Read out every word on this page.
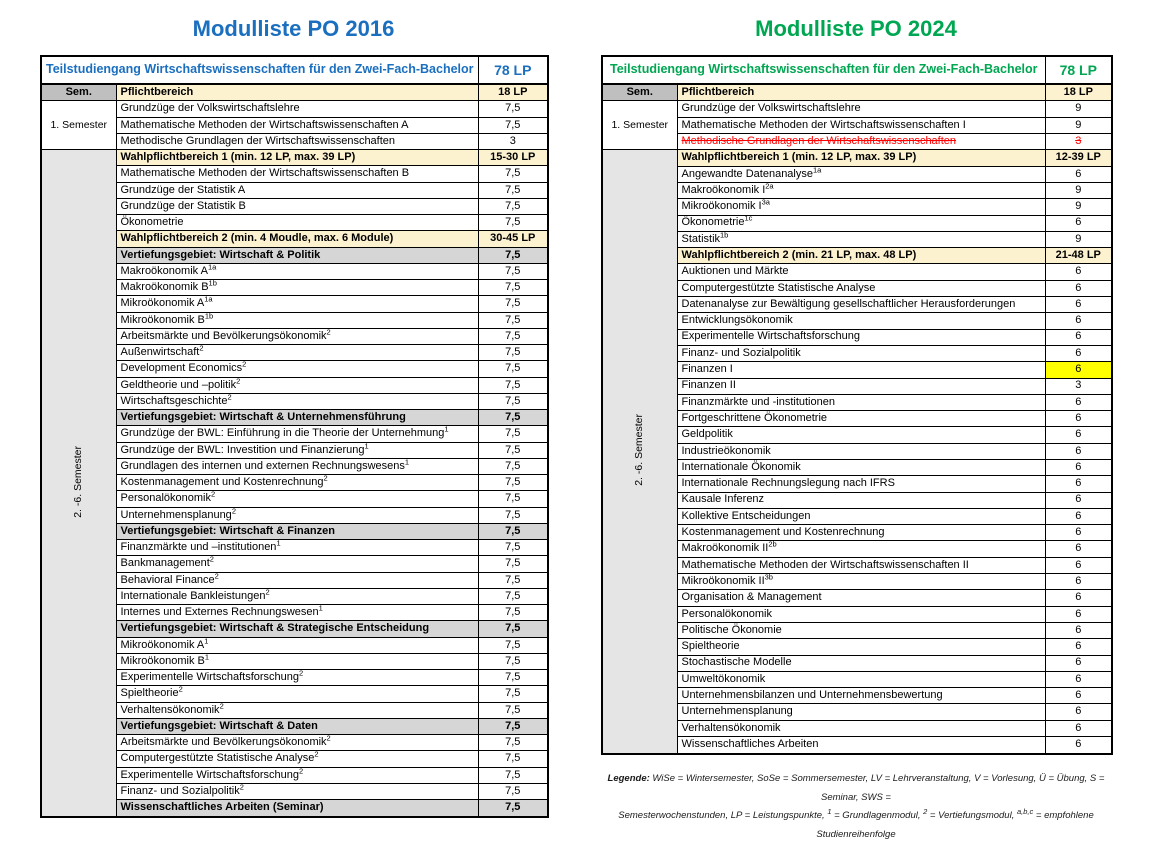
Modulliste PO 2016	Modulliste PO 2024
Teilstudiengang Wirtschaftswissenschaften für den Zwei-Fach-Bachelor		78 LP
Sem.	Pflichtbereich	18 LP
1. Semester	Grundzüge der Volkswirtschaftslehre	7,5
	Mathematische Methoden der Wirtschaftswissenschaften A	7,5
	Methodische Grundlagen der Wirtschaftswissenschaften	3
2. -6. Semester	Wahlpflichtbereich 1 (min. 12 LP, max. 39 LP)	15-30 LP
	Mathematische Methoden der Wirtschaftswissenschaften B	7,5
	Grundzüge der Statistik A	7,5
	Grundzüge der Statistik B	7,5
	Ökonometrie	7,5
	Wahlpflichtbereich 2 (min. 4 Moudle, max. 6 Module)	30-45 LP
	Vertiefungsgebiet: Wirtschaft & Politik	7,5
	Makroökonomik $A^{1a}$	7,5
	Makroökonomik $B^{1b}$	7,5
	Mikroökonomik $A^{1a}$	7,5
	Mikroökonomik $B^{1b}$	7,5
	Arbeitsmärkte und Bevölkerungsökonomik$^2$	7,5
	Außenwirtschaft$^2$	7,5
	Development Economics$^2$	7,5
	Geldtheorie und –politik$^2$	7,5
	Wirtschaftsgeschichte$^2$	7,5
	Vertiefungsgebiet: Wirtschaft & Unternehmensführung	7,5
	Grundzüge der BWL: Einführung in die Theorie der Unternehmung$^1$	7,5
	Grundzüge der BWL: Investition und Finanzierung$^1$	7,5
	Grundlagen des internen und externen Rechnungswesens$^1$	7,5
	Kostenmanagement und Kostenrechnung$^2$	7,5
	Personalökonomik$^2$	7,5
	Unternehmensplanung$^2$	7,5
	Vertiefungsgebiet: Wirtschaft & Finanzen	7,5
	Finanzmärkte und –institutionen$^1$	7,5
	Bankmanagement$^2$	7,5
	Behavioral Finance$^2$	7,5
	Internationale Bankleistungen$^2$	7,5
	Internes und Externes Rechnungswesen$^1$	7,5
	Vertiefungsgebiet: Wirtschaft & Strategische Entscheidung	7,5
	Mikroökonomik $A^1$	7,5
	Mikroökonomik $B^1$	7,5
	Experimentelle Wirtschaftsforschung$^2$	7,5
	Spieltheorie$^2$	7,5
	Verhaltensökonomik$^2$	7,5
	Vertiefungsgebiet: Wirtschaft & Daten	7,5
	Arbeitsmärkte und Bevölkerungsökonomik$^2$	7,5
	Computergestützte Statistische Analyse$^2$	7,5
	Experimentelle Wirtschaftsforschung$^2$	7,5
	Finanz- und Sozialpolitik$^2$	7,5
	Wissenschaftliches Arbeiten (Seminar)	7,5
Teilstudiengang Wirtschaftswissenschaften für den Zwei-Fach-Bachelor		78 LP
Sem.	Pflichtbereich	18 LP
1. Semester	Grundzüge der Volkswirtschaftslehre	9
	Mathematische Methoden der Wirtschaftswissenschaften I	9
	Methodische Grundlagen der Wirtschaftswissenschaften	3
2. -6. Semester	Wahlpflichtbereich 1 (min. 12 LP, max. 39 LP)	12-39 LP
	Angewandte Datenanalyse$^{1a}$	6
	Makroökonomik $I^{2a}$	9
	Mikroökonomik $I^{3a}$	9
	Ökonometrie$^{1c}$	6
	Statistik$^{1b}$	9
	Wahlpflichtbereich 2 (min. 21 LP, max. 48 LP)	21-48 LP
	Auktionen und Märkte	6
	Computergestützte Statistische Analyse	6
	Datenanalyse zur Bewältigung gesellschaftlicher Herausforderungen	6
	Entwicklungsökonomik	6
	Experimentelle Wirtschaftsforschung	6
	Finanz- und Sozialpolitik	6
	Finanzen I	6
	Finanzen II	3
	Finanzmärkte und -institutionen	6
	Fortgeschrittene Ökonometrie	6
	Geldpolitik	6
	Industrieökonomik	6
	Internationale Ökonomik	6
	Internationale Rechnungslegung nach IFRS	6
	Kausale Inferenz	6
	Kollektive Entscheidungen	6
	Kostenmanagement und Kostenrechnung	6
	Makroökonomik $II^{2b}$	6
	Mathematische Methoden der Wirtschaftswissenschaften II	6
	Mikroökonomik $II^{3b}$	6
	Organisation & Management	6
	Personalökonomik	6
	Politische Ökonomie	6
	Spieltheorie	6
	Stochastische Modelle	6
	Umweltökonomik	6
	Unternehmensbilanzen und Unternehmensbewertung	6
	Unternehmensplanung	6
	Verhaltensökonomik	6
	Wissenschaftliches Arbeiten	6
Legende: WiSe = Wintersemester, SoSe = Sommersemester, LV = Lehrveranstaltung, V = Vorlesung, Ü = Übung, S = Seminar, SWS =
Semesterwochenstunden, LP = Leistungspunkte, $^1$ = Grundlagenmodul, $^2$ = Vertiefungsmodul, $^{a,b,c}$ = empfohlene Studienreihenfolge
